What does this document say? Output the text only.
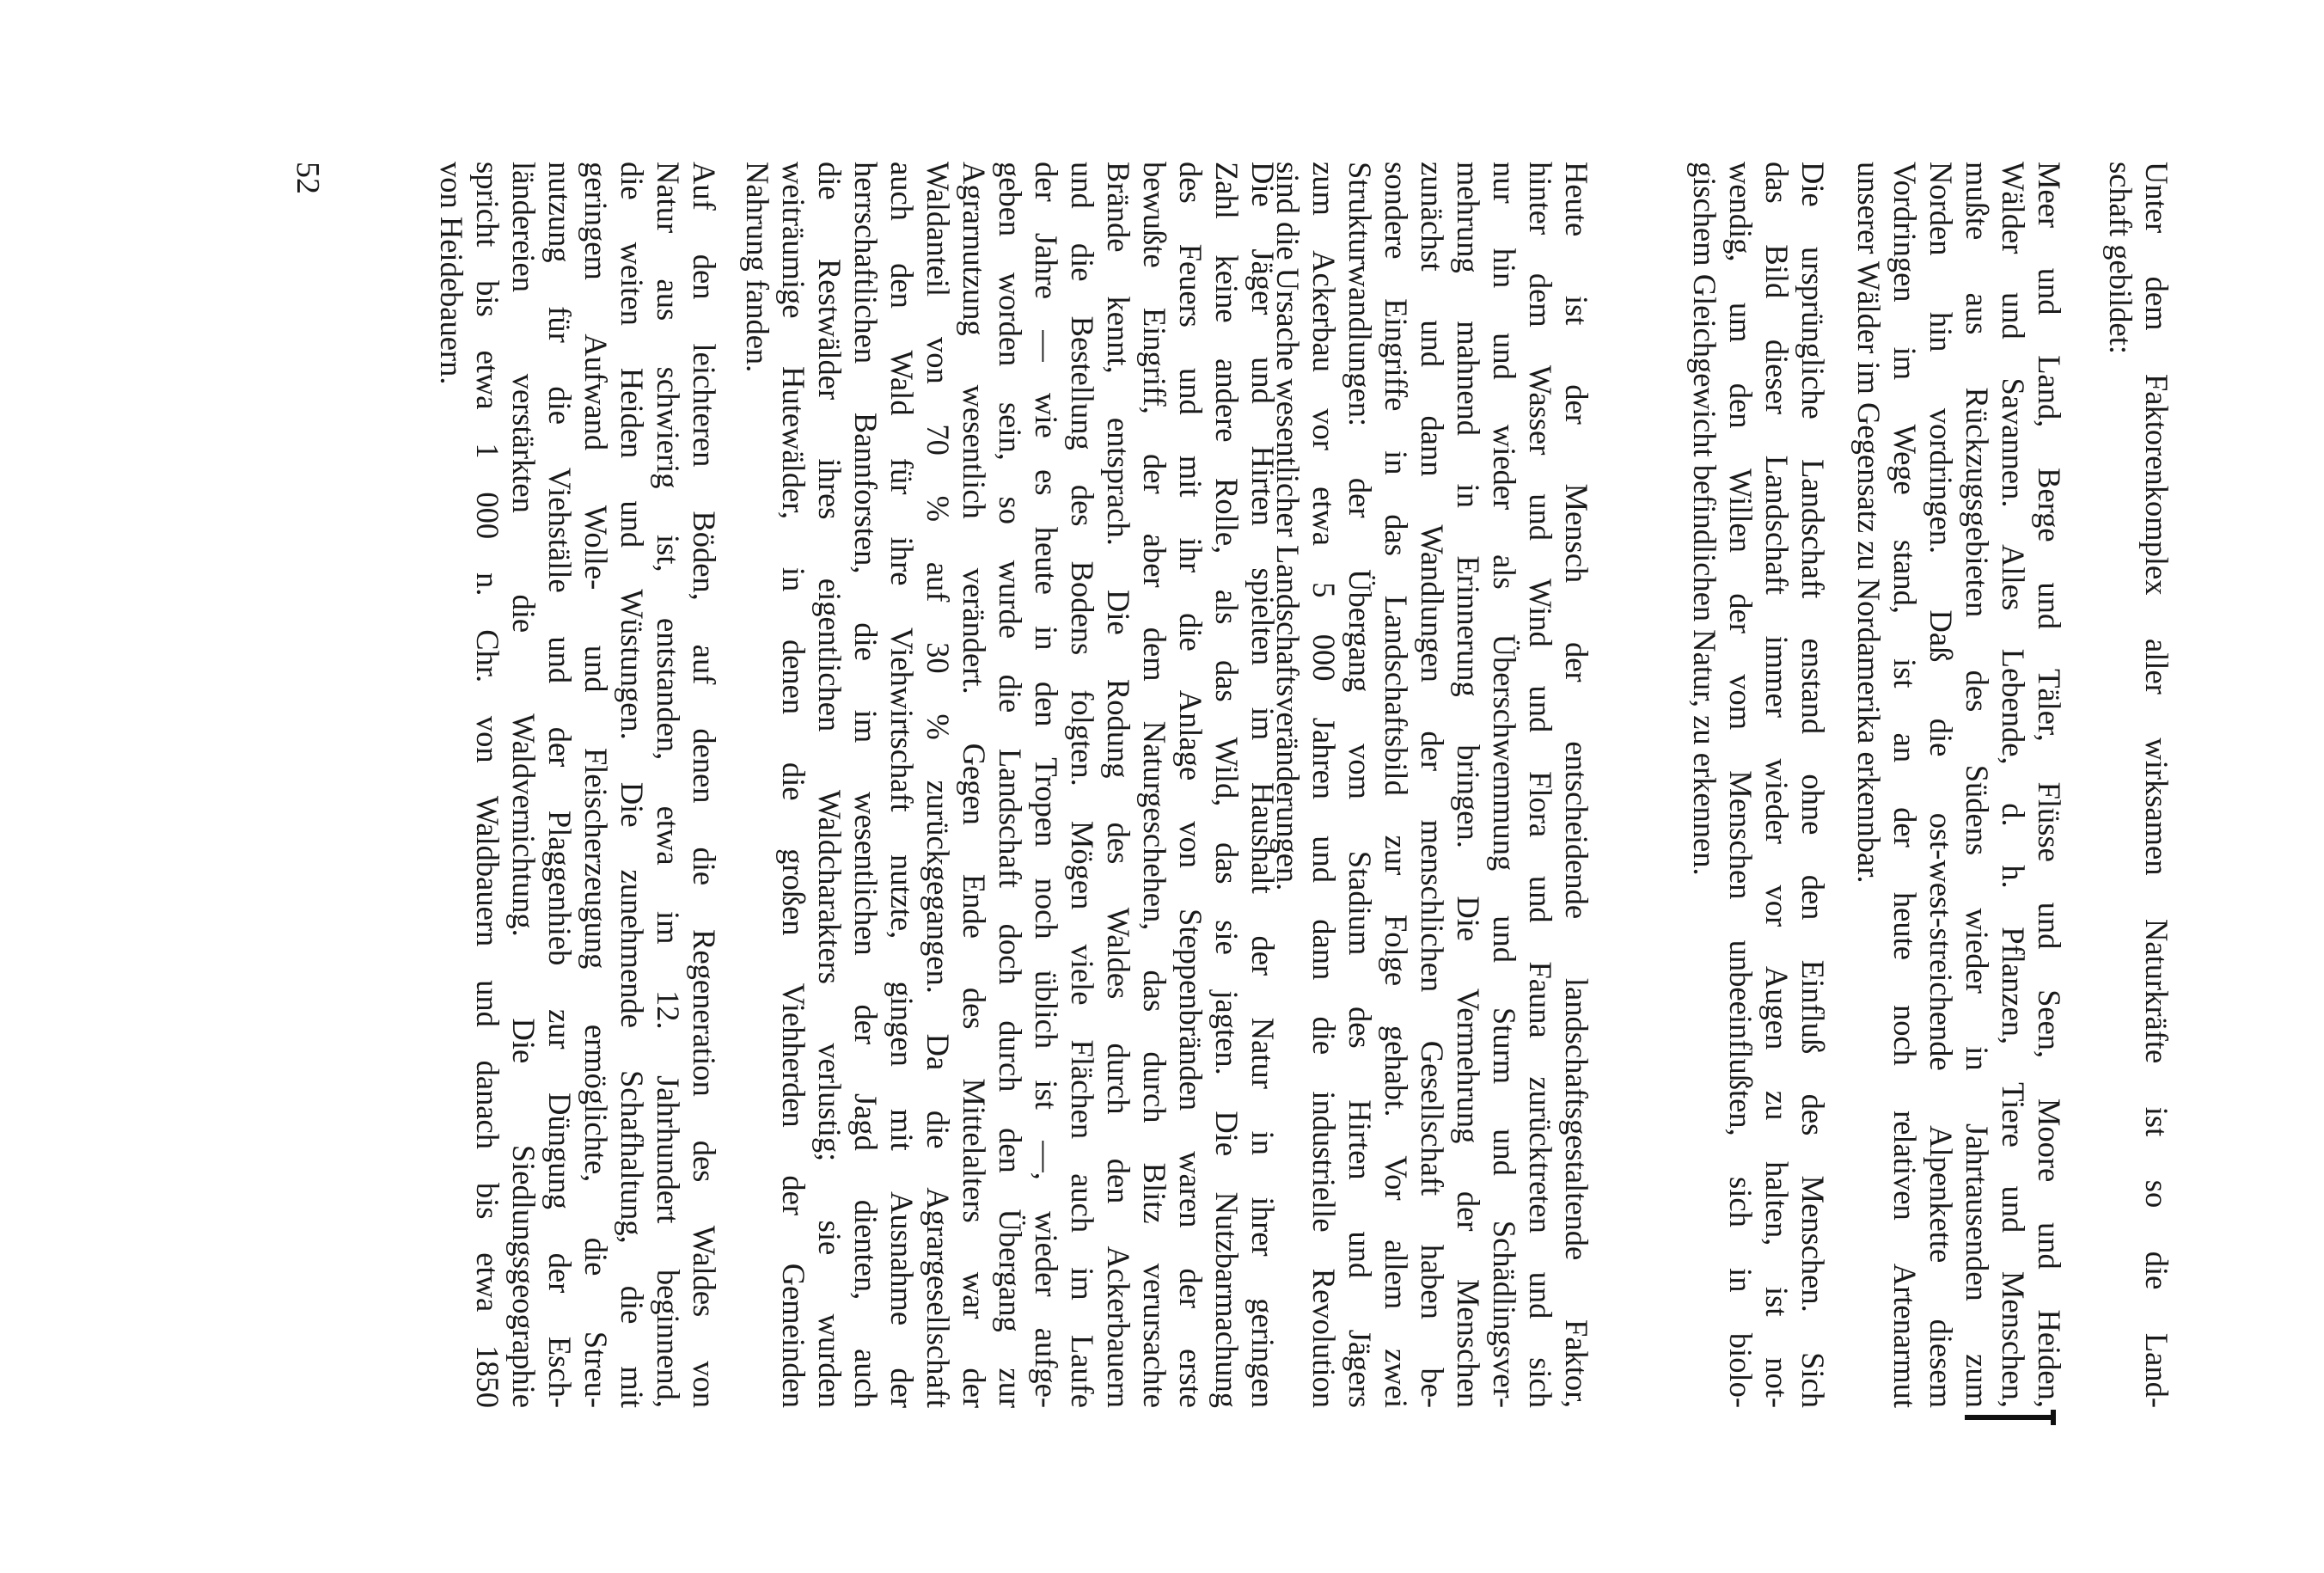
Unter dem Faktorenkomplex aller wirksamen Naturkräfte ist so die Land-
schaft gebildet:
Meer und Land, Berge und Täler, Flüsse und Seen, Moore und Heiden,
Wälder und Savannen. Alles Lebende, d. h. Pflanzen, Tiere und Menschen,
mußte aus Rückzugsgebieten des Südens wieder in Jahrtausenden zum
Norden hin vordringen. Daß die ost-west-streichende Alpenkette diesem
Vordringen im Wege stand, ist an der heute noch relativen Artenarmut
unserer Wälder im Gegensatz zu Nordamerika erkennbar.
Die ursprüngliche Landschaft enstand ohne den Einfluß des Menschen. Sich
das Bild dieser Landschaft immer wieder vor Augen zu halten, ist not-
wendig, um den Willen der vom Menschen unbeeinflußten, sich in biolo-
gischem Gleichgewicht befindlichen Natur, zu erkennen.
Heute ist der Mensch der entscheidende landschaftsgestaltende Faktor,
hinter dem Wasser und Wind und Flora und Fauna zurücktreten und sich
nur hin und wieder als Überschwemmung und Sturm und Schädlingsver-
mehrung mahnend in Erinnerung bringen. Die Vermehrung der Menschen
zunächst und dann Wandlungen der menschlichen Gesellschaft haben be-
sondere Eingriffe in das Landschaftsbild zur Folge gehabt. Vor allem zwei
Strukturwandlungen: der Übergang vom Stadium des Hirten und Jägers
zum Ackerbau vor etwa 5 000 Jahren und dann die industrielle Revolution
sind die Ursache wesentlicher Landschaftsveränderungen.
Die Jäger und Hirten spielten im Haushalt der Natur in ihrer geringen
Zahl keine andere Rolle, als das Wild, das sie jagten. Die Nutzbarmachung
des Feuers und mit ihr die Anlage von Steppenbränden waren der erste
bewußte Eingriff, der aber dem Naturgeschehen, das durch Blitz verursachte
Brände kennt, entsprach. Die Rodung des Waldes durch den Ackerbauern
und die Bestellung des Bodens folgten. Mögen viele Flächen auch im Laufe
der Jahre — wie es heute in den Tropen noch üblich ist —, wieder aufge-
geben worden sein, so wurde die Landschaft doch durch den Übergang zur
Agrarnutzung wesentlich verändert. Gegen Ende des Mittelalters war der
Waldanteil von 70 % auf 30 % zurückgegangen. Da die Agrargesellschaft
auch den Wald für ihre Viehwirtschaft nutzte, gingen mit Ausnahme der
herrschaftlichen Bannforsten, die im wesentlichen der Jagd dienten, auch
die Restwälder ihres eigentlichen Waldcharakters verlustig; sie wurden
weiträumige Hutewälder, in denen die großen Viehherden der Gemeinden
Nahrung fanden.
Auf den leichteren Böden, auf denen die Regeneration des Waldes von
Natur aus schwierig ist, entstanden, etwa im 12. Jahrhundert beginnend,
die weiten Heiden und Wüstungen. Die zunehmende Schafhaltung, die mit
geringem Aufwand Wolle- und Fleischerzeugung ermöglichte, die Streu-
nutzung für die Viehställe und der Plaggenhieb zur Düngung der Esch-
ländereien verstärkten die Waldvernichtung. Die Siedlungsgeographie
spricht bis etwa 1 000 n. Chr. von Waldbauern und danach bis etwa 1850
von Heidebauern.
52
